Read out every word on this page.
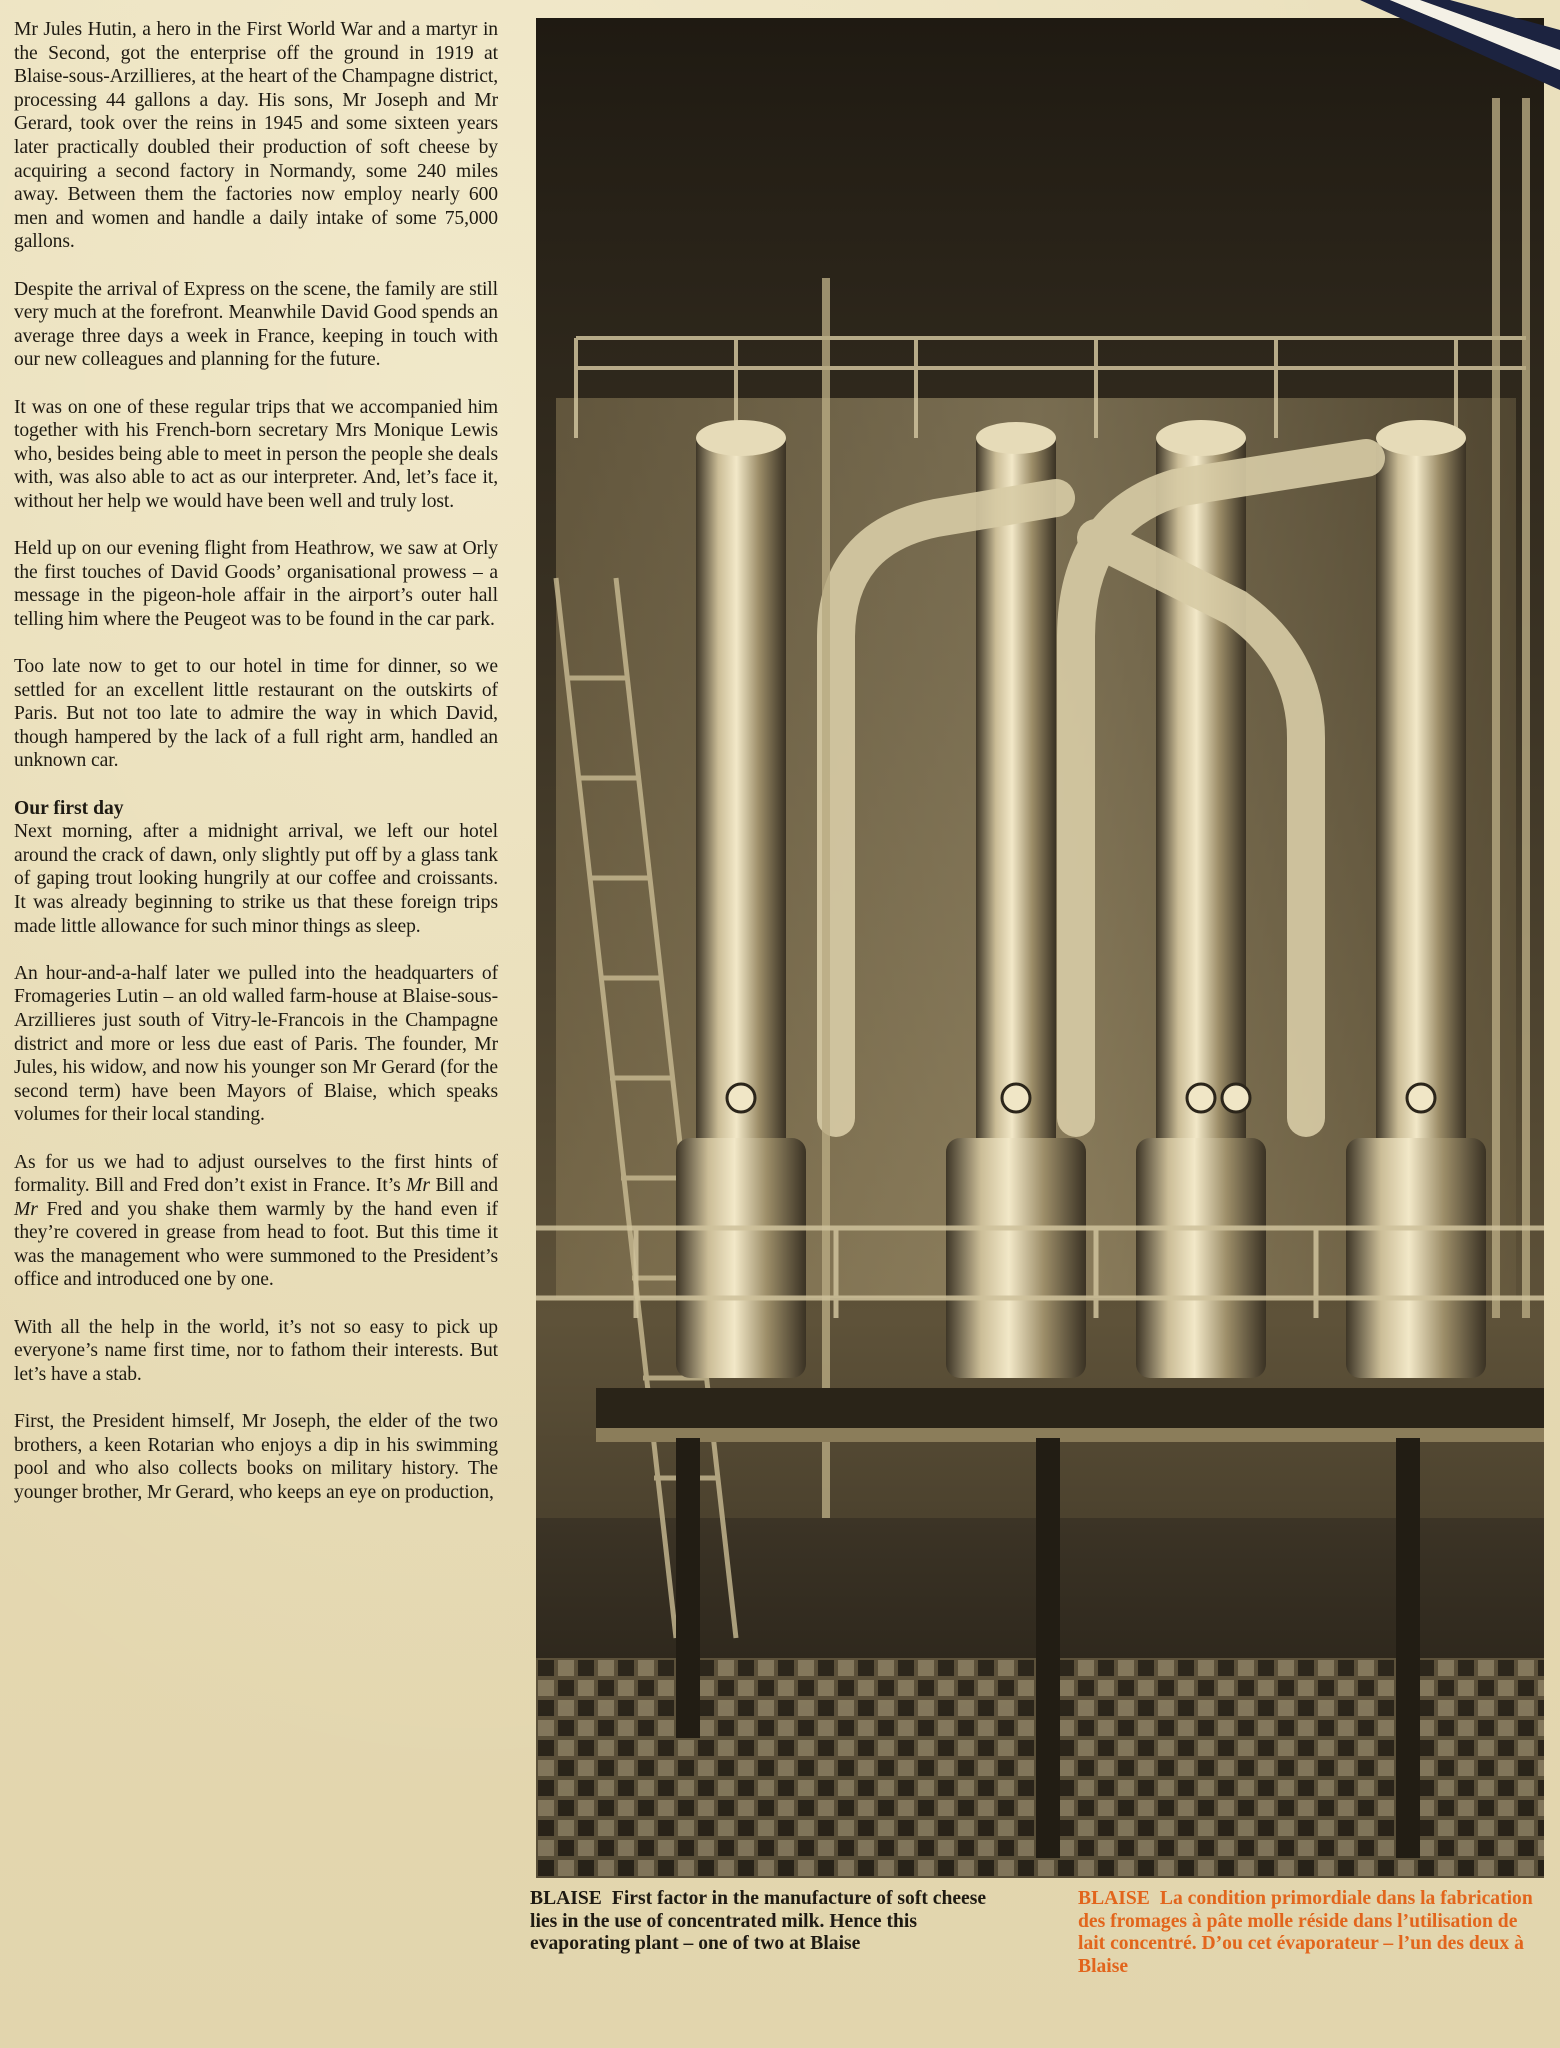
Mr Jules Hutin, a hero in the First World War and a martyr in the Second, got the enterprise off the ground in 1919 at Blaise-sous-Arzillieres, at the heart of the Champagne district, processing 44 gallons a day. His sons, Mr Joseph and Mr Gerard, took over the reins in 1945 and some sixteen years later practically doubled their production of soft cheese by acquiring a second factory in Normandy, some 240 miles away. Between them the factories now employ nearly 600 men and women and handle a daily intake of some 75,000 gallons.

Despite the arrival of Express on the scene, the family are still very much at the forefront. Meanwhile David Good spends an average three days a week in France, keeping in touch with our new colleagues and planning for the future.

It was on one of these regular trips that we accompanied him together with his French-born secretary Mrs Monique Lewis who, besides being able to meet in person the people she deals with, was also able to act as our interpreter. And, let’s face it, without her help we would have been well and truly lost.

Held up on our evening flight from Heathrow, we saw at Orly the first touches of David Goods’ organisational prowess – a message in the pigeon-hole affair in the airport’s outer hall telling him where the Peugeot was to be found in the car park.

Too late now to get to our hotel in time for dinner, so we settled for an excellent little restaurant on the outskirts of Paris. But not too late to admire the way in which David, though hampered by the lack of a full right arm, handled an unknown car.

Our first day

Next morning, after a midnight arrival, we left our hotel around the crack of dawn, only slightly put off by a glass tank of gaping trout looking hungrily at our coffee and croissants. It was already beginning to strike us that these foreign trips made little allowance for such minor things as sleep.

An hour-and-a-half later we pulled into the headquarters of Fromageries Lutin – an old walled farm-house at Blaise-sous-Arzillieres just south of Vitry-le-Francois in the Champagne district and more or less due east of Paris. The founder, Mr Jules, his widow, and now his younger son Mr Gerard (for the second term) have been Mayors of Blaise, which speaks volumes for their local standing.

As for us we had to adjust ourselves to the first hints of formality. Bill and Fred don’t exist in France. It’s Mr Bill and Mr Fred and you shake them warmly by the hand even if they’re covered in grease from head to foot. But this time it was the management who were summoned to the President’s office and introduced one by one.

With all the help in the world, it’s not so easy to pick up everyone’s name first time, nor to fathom their interests. But let’s have a stab.

First, the President himself, Mr Joseph, the elder of the two brothers, a keen Rotarian who enjoys a dip in his swimming pool and who also collects books on military history. The younger brother, Mr Gerard, who keeps an eye on production,

BLAISE First factor in the manufacture of soft cheese lies in the use of concentrated milk. Hence this evaporating plant – one of two at Blaise
BLAISE La condition primordiale dans la fabrication des fromages à pâte molle réside dans l’utilisation de lait concentré. D’ou cet évaporateur – l’un des deux à Blaise
